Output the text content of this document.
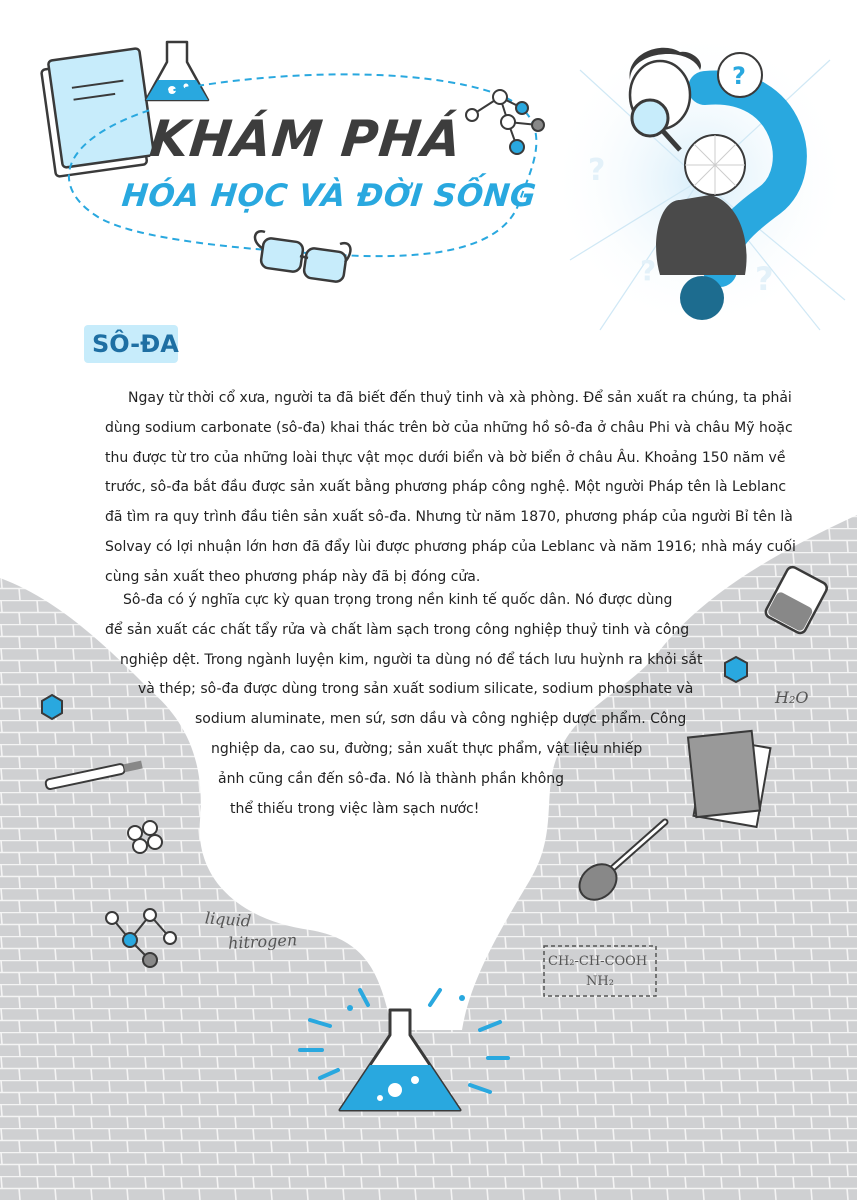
?
?
?	?
KHÁM PHÁ
HÓA HỌC VÀ ĐỜI SỐNG
SÔ-ĐA
Ngay từ thời cổ xưa, người ta đã biết đến thuỷ tinh và xà phòng. Để sản xuất ra chúng, ta phải
dùng sodium carbonate (sô-đa) khai thác trên bờ của những hồ sô-đa ở châu Phi và châu Mỹ hoặc
thu được từ tro của những loài thực vật mọc dưới biển và bờ biển ở châu Âu. Khoảng 150 năm về
trước, sô-đa bắt đầu được sản xuất bằng phương pháp công nghệ. Một người Pháp tên là Leblanc
đã tìm ra quy trình đầu tiên sản xuất sô-đa. Nhưng từ năm 1870, phương pháp của người Bỉ tên là
Solvay có lợi nhuận lớn hơn đã đẩy lùi được phương pháp của Leblanc và năm 1916; nhà máy cuối
cùng sản xuất theo phương pháp này đã bị đóng cửa.
Sô-đa có ý nghĩa cực kỳ quan trọng trong nền kinh tế quốc dân. Nó được dùng
để sản xuất các chất tẩy rửa và chất làm sạch trong công nghiệp thuỷ tinh và công
nghiệp dệt. Trong ngành luyện kim, người ta dùng nó để tách lưu huỳnh ra khỏi sắt
và thép; sô-đa được dùng trong sản xuất sodium silicate, sodium phosphate và
sodium aluminate, men sứ, sơn dầu và công nghiệp dược phẩm. Công
nghiệp da, cao su, đường; sản xuất thực phẩm, vật liệu nhiếp
ảnh cũng cần đến sô-đa. Nó là thành phần không
thể thiếu trong việc làm sạch nước!
liquid
hitrogen
H₂O
CH₂-CH-COOH
NH₂
